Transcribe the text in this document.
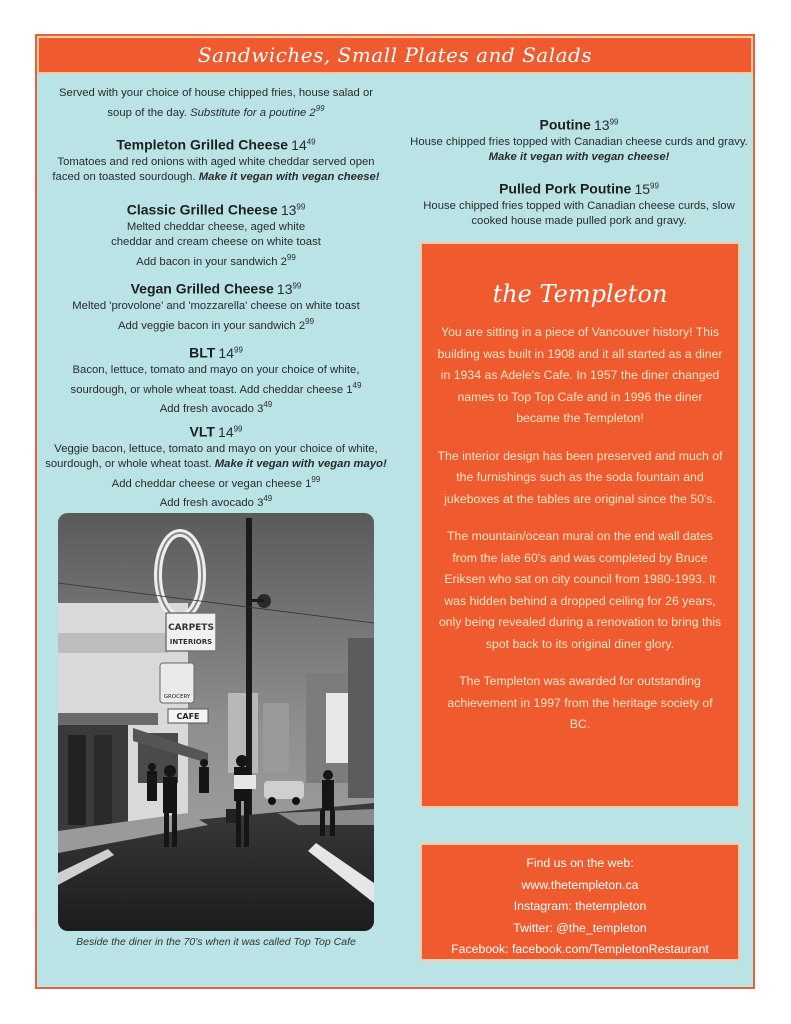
Sandwiches, Small Plates and Salads
Served with your choice of house chipped fries, house salad or
soup of the day. Substitute for a poutine $2^{99}$
Templeton Grilled Cheese $14^{49}$
Tomatoes and red onions with aged white cheddar served open
faced on toasted sourdough. Make it vegan with vegan cheese!
Classic Grilled Cheese $13^{99}$
Melted cheddar cheese, aged white
cheddar and cream cheese on white toast
Add bacon in your sandwich $2^{99}$
Vegan Grilled Cheese $13^{99}$
Melted 'provolone' and 'mozzarella' cheese on white toast
Add veggie bacon in your sandwich $2^{99}$
BLT $14^{99}$
Bacon, lettuce, tomato and mayo on your choice of white,
sourdough, or whole wheat toast. Add cheddar cheese $1^{49}$
Add fresh avocado $3^{49}$
VLT $14^{99}$
Veggie bacon, lettuce, tomato and mayo on your choice of white,
sourdough, or whole wheat toast. Make it vegan with vegan mayo!
Add cheddar cheese or vegan cheese $1^{99}$
Add fresh avocado $3^{49}$
Poutine $13^{99}$
House chipped fries topped with Canadian cheese curds and gravy.
Make it vegan with vegan cheese!
Pulled Pork Poutine $15^{99}$
House chipped fries topped with Canadian cheese curds, slow
cooked house made pulled pork and gravy.
CARPETS
INTERIORS
GROCERY
CAFE
Beside the diner in the 70's when it was called Top Top Cafe
the Templeton

You are sitting in a piece of Vancouver history! This building was built in 1908 and it all started as a diner in 1934 as Adele's Cafe. In 1957 the diner changed names to Top Top Cafe and in 1996 the diner became the Templeton!

The interior design has been preserved and much of the furnishings such as the soda fountain and jukeboxes at the tables are original since the 50's.

The mountain/ocean mural on the end wall dates from the late 60's and was completed by Bruce Eriksen who sat on city council from 1980-1993. It was hidden behind a dropped ceiling for 26 years, only being revealed during a renovation to bring this spot back to its original diner glory.

The Templeton was awarded for outstanding achievement in 1997 from the heritage society of BC.

Find us on the web:
www.thetempleton.ca
Instagram: thetempleton
Twitter: @the_templeton
Facebook: facebook.com/TempletonRestaurant
